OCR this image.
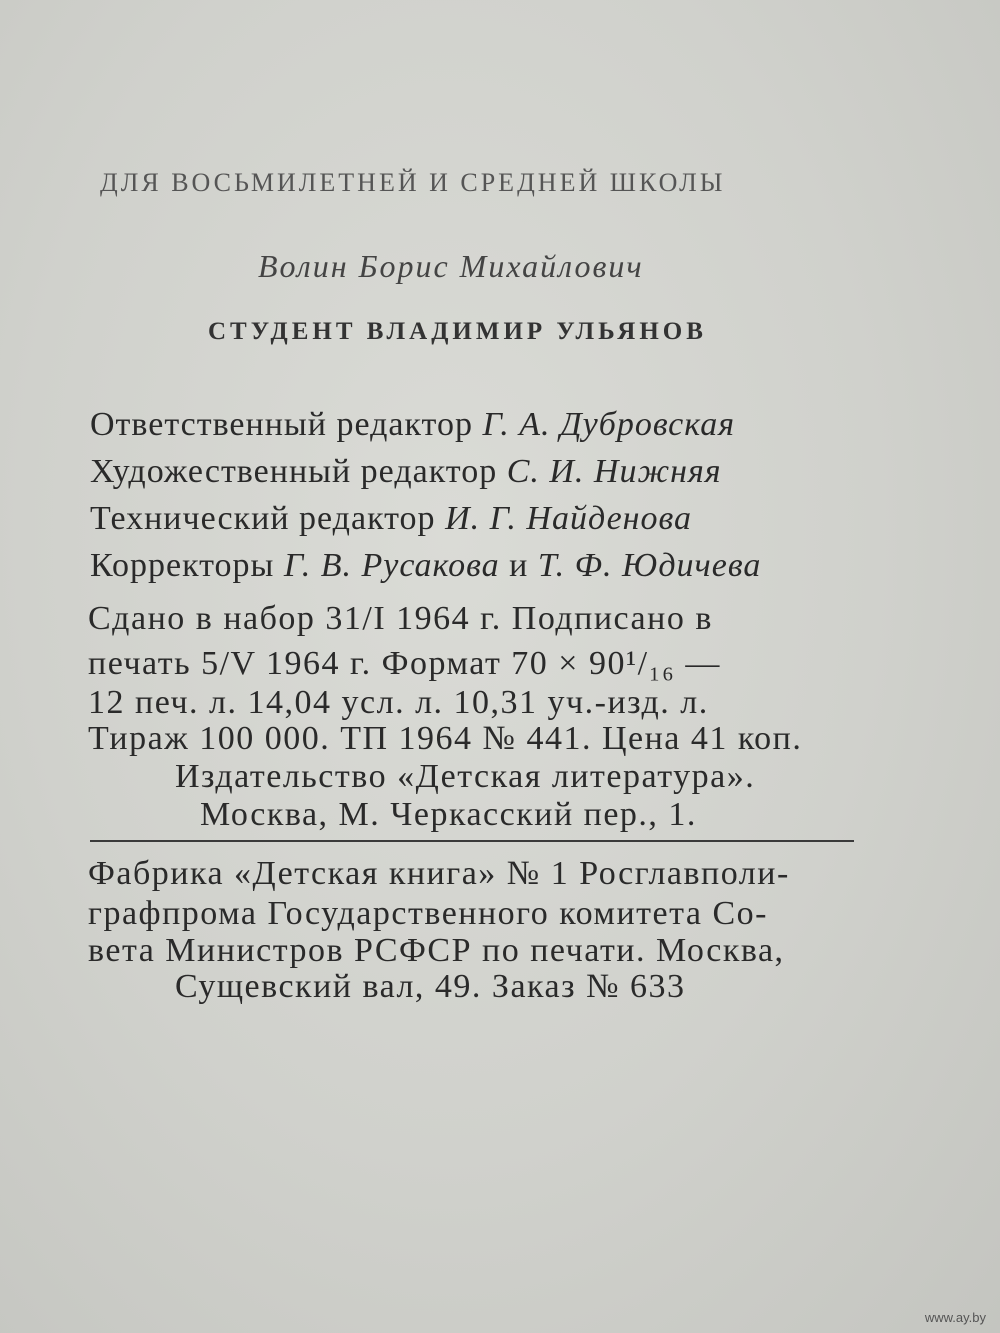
ДЛЯ ВОСЬМИЛЕТНЕЙ И СРЕДНЕЙ ШКОЛЫ
Волин Борис Михайлович
СТУДЕНТ ВЛАДИМИР УЛЬЯНОВ
Ответственный редактор Г. А. Дубровская
Художественный редактор С. И. Нижняя
Технический редактор И. Г. Найденова
Корректоры Г. В. Русакова и Т. Ф. Юдичева
Сдано в набор 31/I 1964 г. Подписано в
печать 5/V 1964 г. Формат 70 × 90¹/₁₆ —
12 печ. л. 14,04 усл. л. 10,31 уч.-изд. л.
Тираж 100 000. ТП 1964 № 441. Цена 41 коп.
Издательство «Детская литература».
Москва, М. Черкасский пер., 1.
Фабрика «Детская книга» № 1 Росглавполи-
графпрома Государственного комитета Со-
вета Министров РСФСР по печати. Москва,
Сущевский вал, 49. Заказ № 633
www.ay.by
